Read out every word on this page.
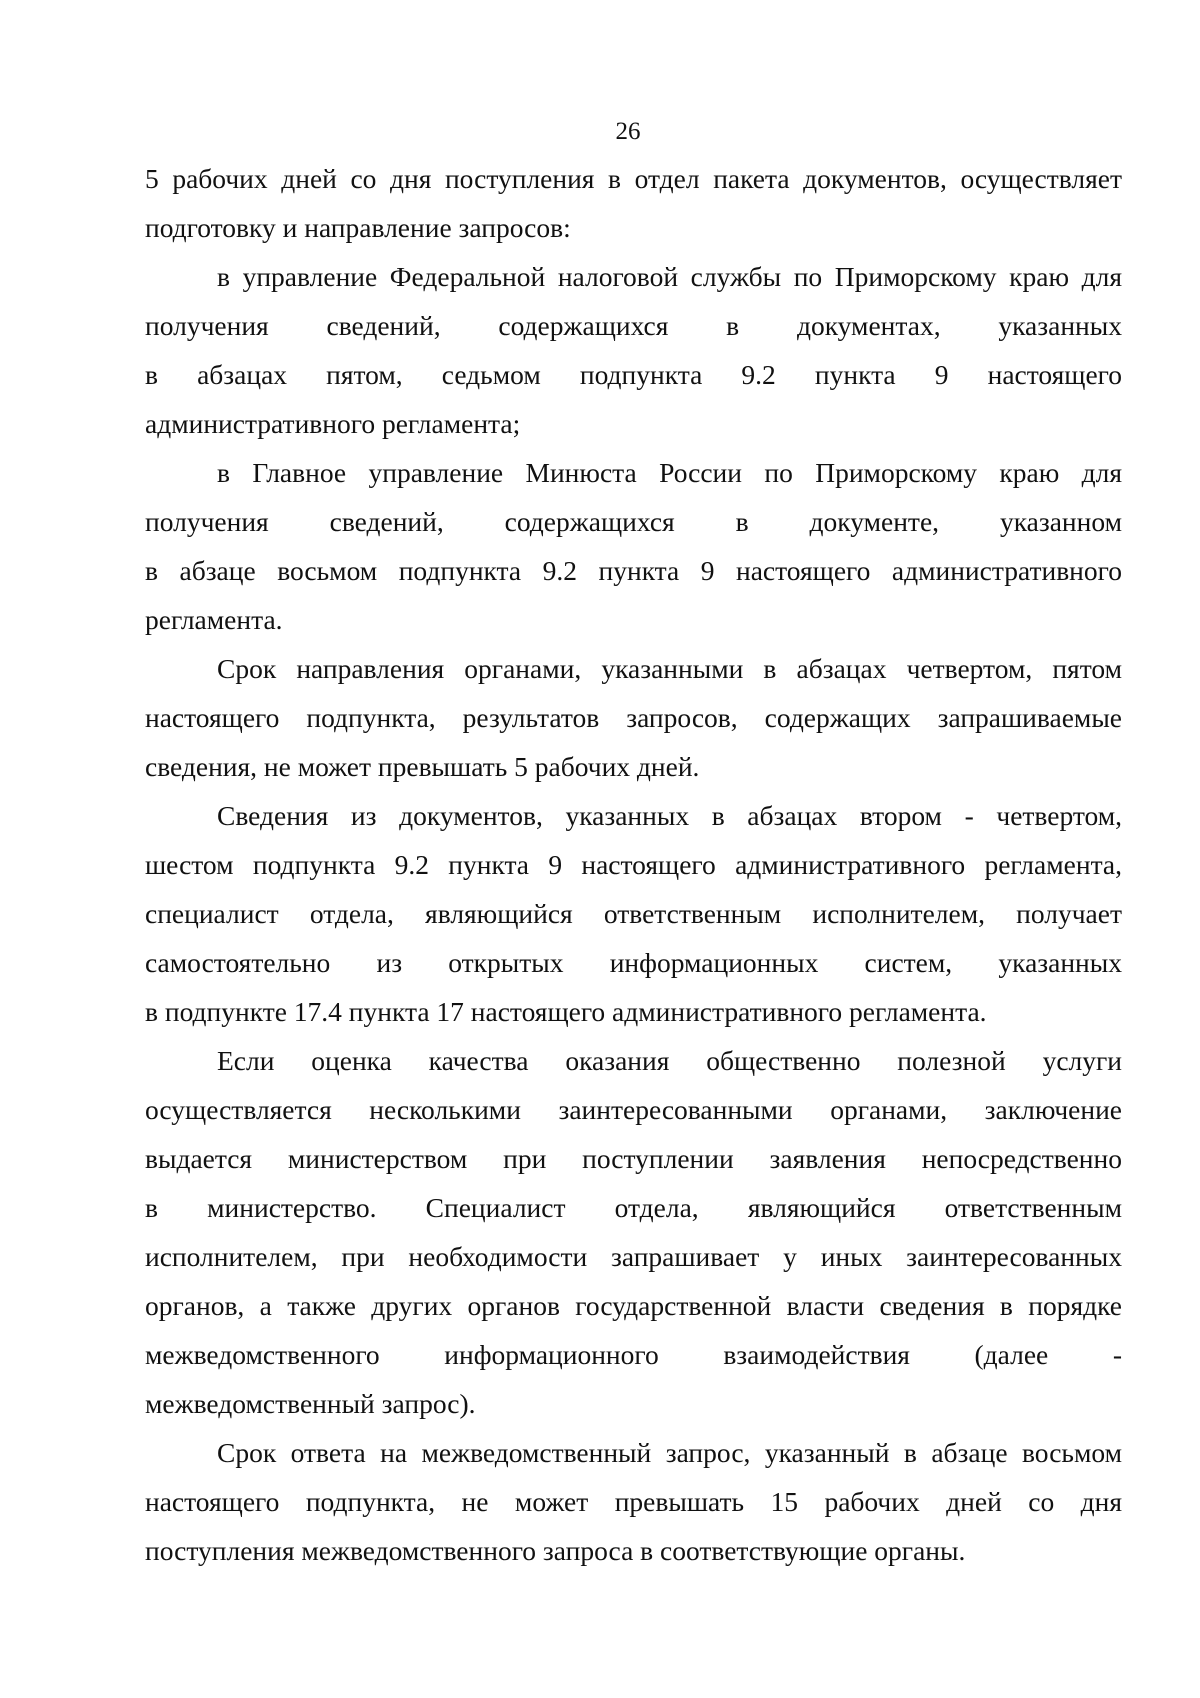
26
5 рабочих дней со дня поступления в отдел пакета документов, осуществляет
подготовку и направление запросов:
в управление Федеральной налоговой службы по Приморскому краю для
получения сведений, содержащихся в документах, указанных
в абзацах пятом, седьмом подпункта 9.2 пункта 9 настоящего
административного регламента;
в Главное управление Минюста России по Приморскому краю для
получения сведений, содержащихся в документе, указанном
в абзаце восьмом подпункта 9.2 пункта 9 настоящего административного
регламента.
Срок направления органами, указанными в абзацах четвертом, пятом
настоящего подпункта, результатов запросов, содержащих запрашиваемые
сведения, не может превышать 5 рабочих дней.
Сведения из документов, указанных в абзацах втором - четвертом,
шестом подпункта 9.2 пункта 9 настоящего административного регламента,
специалист отдела, являющийся ответственным исполнителем, получает
самостоятельно из открытых информационных систем, указанных
в подпункте 17.4 пункта 17 настоящего административного регламента.
Если оценка качества оказания общественно полезной услуги
осуществляется несколькими заинтересованными органами, заключение
выдается министерством при поступлении заявления непосредственно
в министерство. Специалист отдела, являющийся ответственным
исполнителем, при необходимости запрашивает у иных заинтересованных
органов, а также других органов государственной власти сведения в порядке
межведомственного информационного взаимодействия (далее -
межведомственный запрос).
Срок ответа на межведомственный запрос, указанный в абзаце восьмом
настоящего подпункта, не может превышать 15 рабочих дней со дня
поступления межведомственного запроса в соответствующие органы.
